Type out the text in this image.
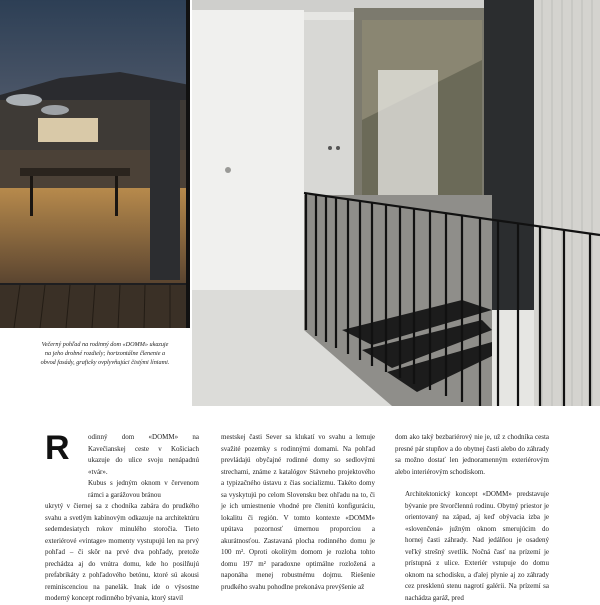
Večerný pohľad na rodinný dom «DOMM» ukazuje na jeho drobné rozdiely; horizontálne členenie a obvod fasády, graficky ovplyvňujúci čistými líniami.
R	odinný dom «DOMM» na Kavečianskej ceste v Košiciach ukazuje do ulice svoju nenápadnú «tvár».

Kubus s jedným oknom v červenom rámci a garážovou bránou

ukrytý v čiernej sa z chodníka zabára do prudkého svahu a svetlým kabínovým odkazuje na architektúru sedemdesiatych rokov minulého storočia. Tieto exteriérové «vintage» momenty vystupujú len na prvý pohľad – či skôr na prvé dva pohľady, pretože prechádza aj do vnútra domu, kde ho posilňujú prefabrikáty z pohľadového betónu, ktoré sú akousi reminiscenciou na panelák. Inak ide o výsostne moderný koncept rodinného bývania, ktorý stavil

mestskej časti Sever sa klukatí vo svahu a lemuje svažité pozemky s rodinnými domami. Na pohľad prevládajú obyčajné rodinné domy so sedlovými strechami, známe z katalógov Stávneho projektového a typizačného ústavu z čias socializmu. Takéto domy sa vyskytujú po celom Slovensku bez ohľadu na to, či je ich umiestnenie vhodné pre členitú konfiguráciu, lokalitu či región. V tomto kontexte «DOMM» upútava pozornosť úmernou proporciou a akurátnosťou. Zastavaná plocha rodinného domu je 100 m². Oproti okolitým domom je rozloha tohto domu 197 m² paradoxne optimálne rozložená a naponáha menej robustnému dojmu. Riešenie prudkého svahu pohodlne prekonáva prevýšenie až

dom ako taký bezbariérový nie je, už z chodníka cesta presné pár stupňov a do obytnej časti alebo do záhrady sa možno dostať len jednoramenným exteriérovým alebo interiérovým schodiskom.

Architektonický koncept «DOMM» predstavuje bývanie pre štvorčlennú rodinu. Obytný priestor je orientovaný na západ, aj keď obývacia izba je «slovenčená» južným oknom smerujúcim do hornej časti záhrady. Nad jedálňou je osadený veľký strešný svetlík. Nočná časť na prízemí je prístupná z ulice. Exteriér vstupuje do domu oknom na schodisku, a ďalej plynie aj zo záhrady cez presklenú stenu nagrotí galérii. Na prízemí sa nachádza garáž, pred
